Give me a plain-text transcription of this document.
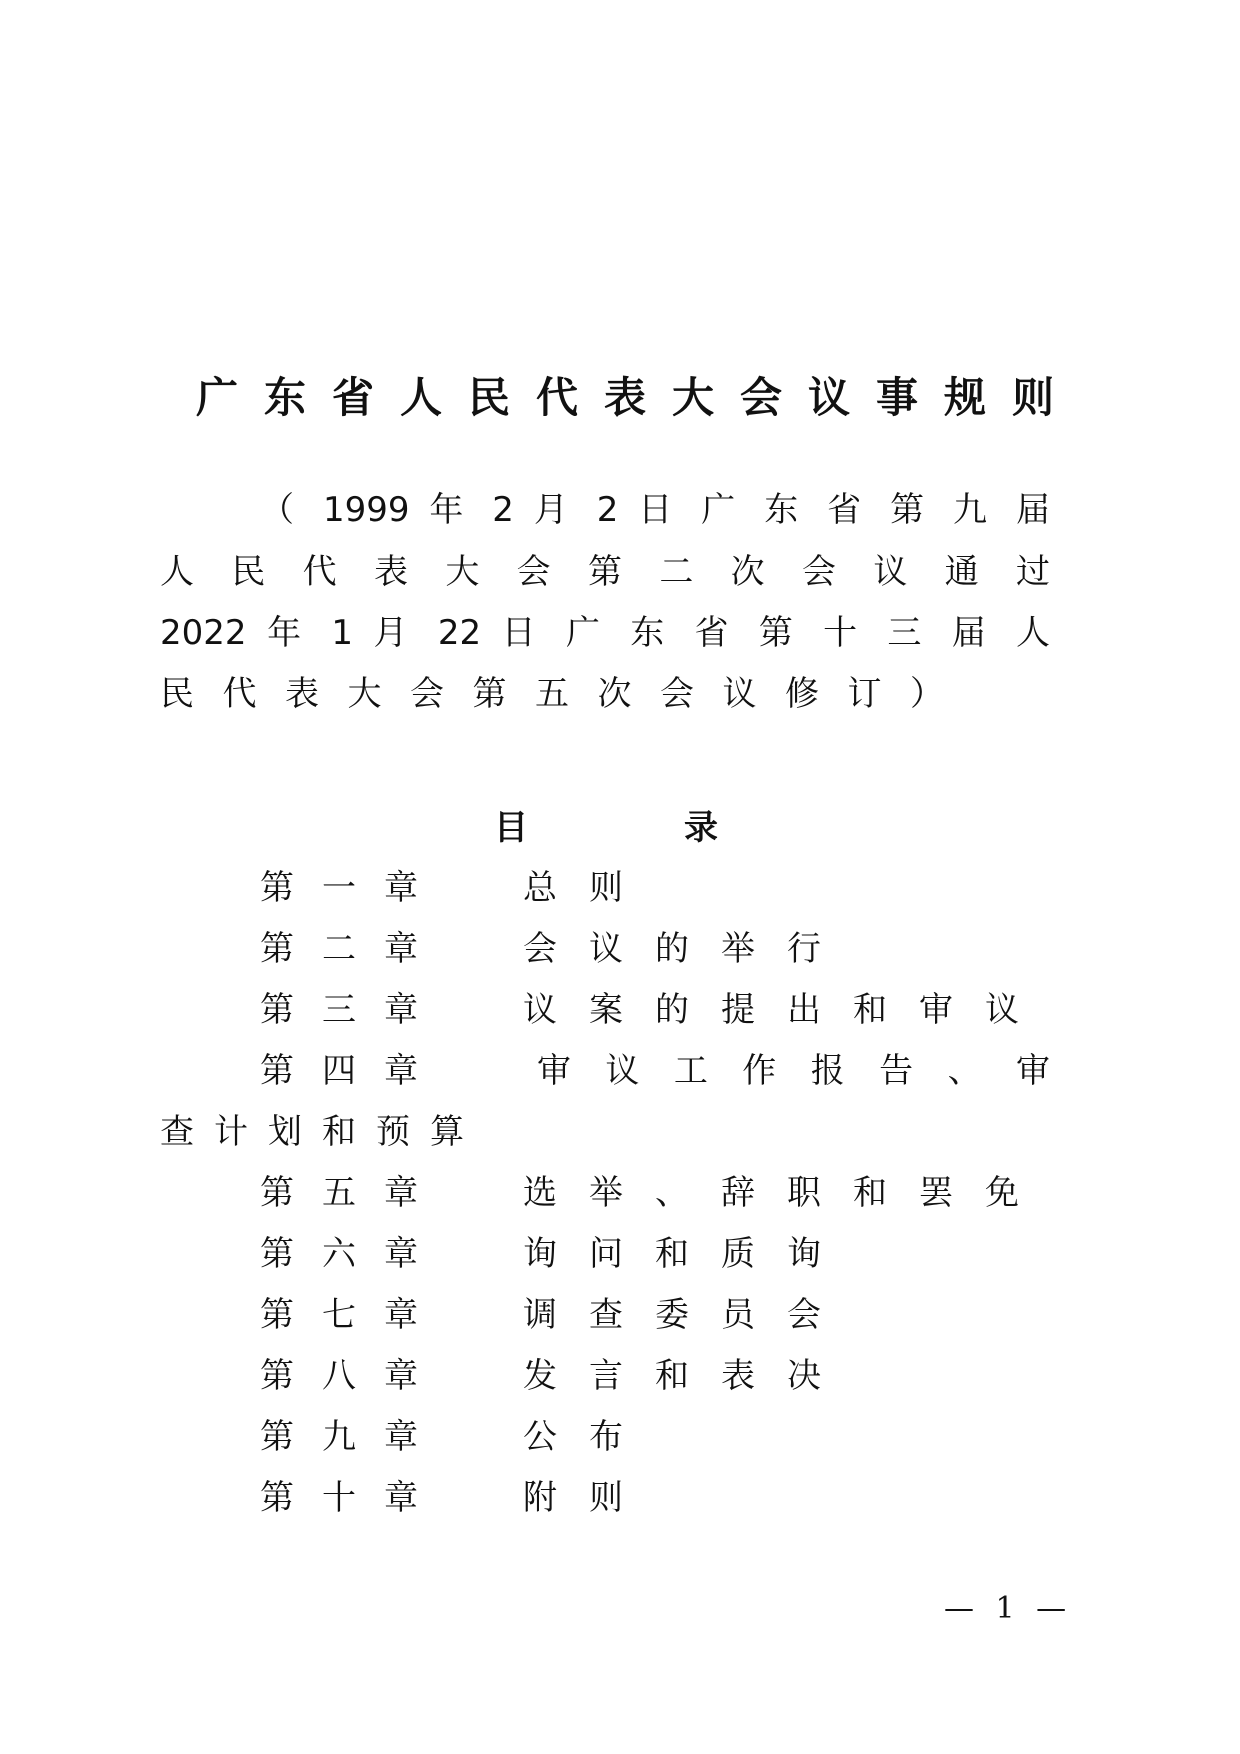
广东省人民代表大会议事规则

（ 1999 年 2 月 2 日 广 东 省 第 九 届

人 民 代 表 大 会 第 二 次 会 议 通 过

2022 年 1 月 22 日 广 东 省 第 十 三 届 人

民代表大会第五次会议修订）

目录
第一章 总则
第二章 会议的举行
第三章 议案的提出和审议
第四章	审 议 工 作 报 告 、 审
查计划和预算
第五章 选举、辞职和罢免
第六章 询问和质询
第七章 调查委员会
第八章 发言和表决
第九章 公布
第十章 附则
— 1 —
